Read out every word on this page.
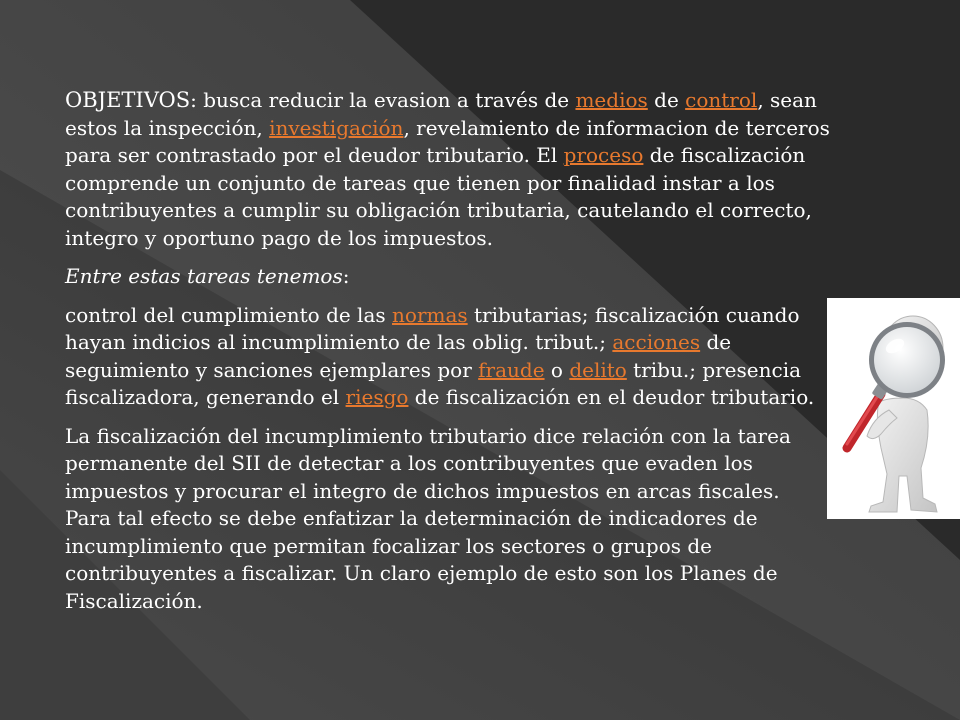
OBJETIVOS: busca reducir la evasion a través de medios de control, sean estos la inspección, investigación, revelamiento de informacion de terceros para ser contrastado por el deudor tributario. El proceso de fiscalización comprende un conjunto de tareas que tienen por finalidad instar a los contribuyentes a cumplir su obligación tributaria, cautelando el correcto, integro y oportuno pago de los impuestos.

Entre estas tareas tenemos:

control del cumplimiento de las normas tributarias; fiscalización cuando hayan indicios al incumplimiento de las oblig. tribut.; acciones de seguimiento y sanciones ejemplares por fraude o delito tribu.; presencia fiscalizadora, generando el riesgo de fiscalización en el deudor tributario.

La fiscalización del incumplimiento tributario dice relación con la tarea permanente del SII de detectar a los contribuyentes que evaden los impuestos y procurar el integro de dichos impuestos en arcas fiscales. Para tal efecto se debe enfatizar la determinación de indicadores de incumplimiento que permitan focalizar los sectores o grupos de contribuyentes a fiscalizar. Un claro ejemplo de esto son los Planes de Fiscalización.
